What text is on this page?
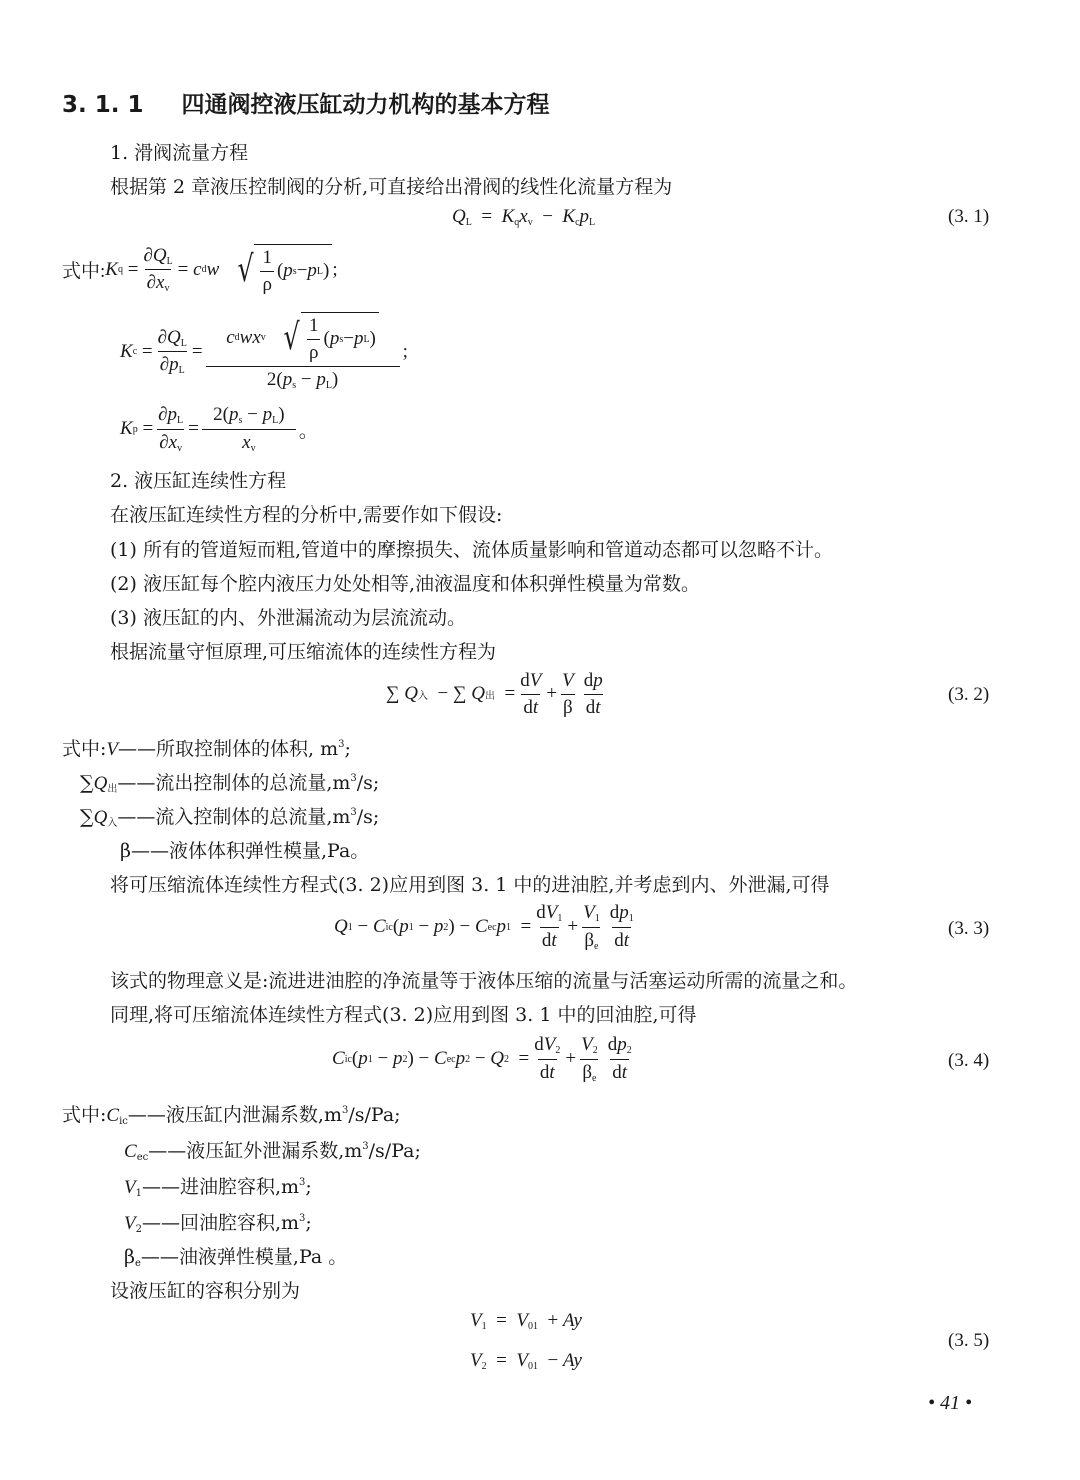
3. 1. 1 四通阀控液压缸动力机构的基本方程
1. 滑阀流量方程
根据第 2 章液压控制阀的分析,可直接给出滑阀的线性化流量方程为
$Q_L = K_qx_v - K_cp_L$	(3. 1)
式中: K $q = \frac{\partial Q_L}{\partial x_v} = c$ d w
√ $\frac{1}{\rho}$ ( p s − p L ) ;
K $c = \frac{\partial Q_L}{\partial p_L} = c$ d wx v
√ $\frac{1}{\rho}$ ( p s − p L )
$2(p_s - p_L)$ ;
K $p = \frac{\partial p_L}{\partial x_v} = \frac{2(p_s - p_L)}{x_v}$ 。
2. 液压缸连续性方程
在液压缸连续性方程的分析中,需要作如下假设:
(1) 所有的管道短而粗,管道中的摩擦损失、流体质量影响和管道动态都可以忽略不计。
(2) 液压缸每个腔内液压力处处相等,油液温度和体积弹性模量为常数。
(3) 液压缸的内、外泄漏流动为层流流动。
根据流量守恒原理,可压缩流体的连续性方程为
∑ Q 入 − ∑ Q 出 = $\frac{dV}{dt} + \frac{V}{\beta} \frac{dp}{dt}$	(3. 2)
式中:V——所取控制体的体积, $m^3$;
$\sum Q_出——$流出控制体的总流量$,m^3/s$;
$\sum Q_入——$流入控制体的总流量$,m^3/s$;
β——液体体积弹性模量,Pa。
将可压缩流体连续性方程式(3. 2)应用到图 3. 1 中的进油腔,并考虑到内、外泄漏,可得
Q 1 − C ic ( p 1 − p 2 ) − C ec p $1 = \frac{dV_1}{dt} + \frac{V_1}{\beta_e} \frac{dp_1}{dt}$	(3. 3)
该式的物理意义是:流进进油腔的净流量等于液体压缩的流量与活塞运动所需的流量之和。
同理,将可压缩流体连续性方程式(3. 2)应用到图 3. 1 中的回油腔,可得
C ic ( p 1 − p 2 ) − C ec p 2 − Q $2 = \frac{dV_2}{dt} + \frac{V_2}{\beta_e} \frac{dp_2}{dt}$	(3. 4)
式中$:C_{ic}——$液压缸内泄漏系数$,m^3/s/Pa$;
$C_{ec}——$液压缸外泄漏系数$,m^3/s/Pa$;
$V_1——$进油腔容积$,m^3$;
$V_2——$回油腔容积$,m^3$;
$\beta_e——$油液弹性模量,Pa 。
设液压缸的容积分别为
$V_1 = V_{01} + Ay$
$V_2 = V_{01} - Ay$
(3. 5)
• 41 •
